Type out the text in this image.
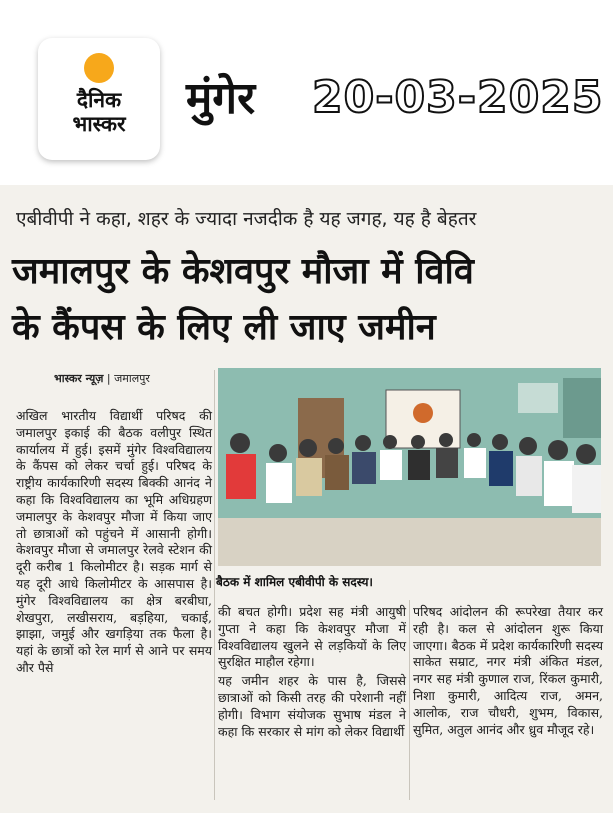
दैनिक
भास्कर	मुंगेर 20-03-2025
एबीवीपी ने कहा, शहर के ज्यादा नजदीक है यह जगह, यह है बेहतर
जमालपुर के केशवपुर मौजा में विवि
के कैंपस के लिए ली जाए जमीन
भास्कर न्यूज़ | जमालपुर
बैठक में शामिल एबीवीपी के सदस्य।

अखिल भारतीय विद्यार्थी परिषद की जमालपुर इकाई की बैठक वलीपुर स्थित कार्यालय में हुई। इसमें मुंगेर विश्वविद्यालय के कैंपस को लेकर चर्चा हुई। परिषद के राष्ट्रीय कार्यकारिणी सदस्य बिक्की आनंद ने कहा कि विश्वविद्यालय का भूमि अधिग्रहण जमालपुर के केशवपुर मौजा में किया जाए तो छात्राओं को पहुंचने में आसानी होगी। केशवपुर मौजा से जमालपुर रेलवे स्टेशन की दूरी करीब 1 किलोमीटर है। सड़क मार्ग से यह दूरी आधे किलोमीटर के आसपास है। मुंगेर विश्वविद्यालय का क्षेत्र बरबीघा, शेखपुरा, लखीसराय, बड़हिया, चकाई, झाझा, जमुई और खगड़िया तक फैला है। यहां के छात्रों को रेल मार्ग से आने पर समय और पैसे

की बचत होगी। प्रदेश सह मंत्री आयुषी गुप्ता ने कहा कि केशवपुर मौजा में विश्वविद्यालय खुलने से लड़कियों के लिए सुरक्षित माहौल रहेगा।

यह जमीन शहर के पास है, जिससे छात्राओं को किसी तरह की परेशानी नहीं होगी। विभाग संयोजक सुभाष मंडल ने कहा कि सरकार से मांग को लेकर विद्यार्थी

परिषद आंदोलन की रूपरेखा तैयार कर रही है। कल से आंदोलन शुरू किया जाएगा। बैठक में प्रदेश कार्यकारिणी सदस्य साकेत सम्राट, नगर मंत्री अंकित मंडल, नगर सह मंत्री कुणाल राज, रिंकल कुमारी, निशा कुमारी, आदित्य राज, अमन, आलोक, राज चौधरी, शुभम, विकास, सुमित, अतुल आनंद और ध्रुव मौजूद रहे।
